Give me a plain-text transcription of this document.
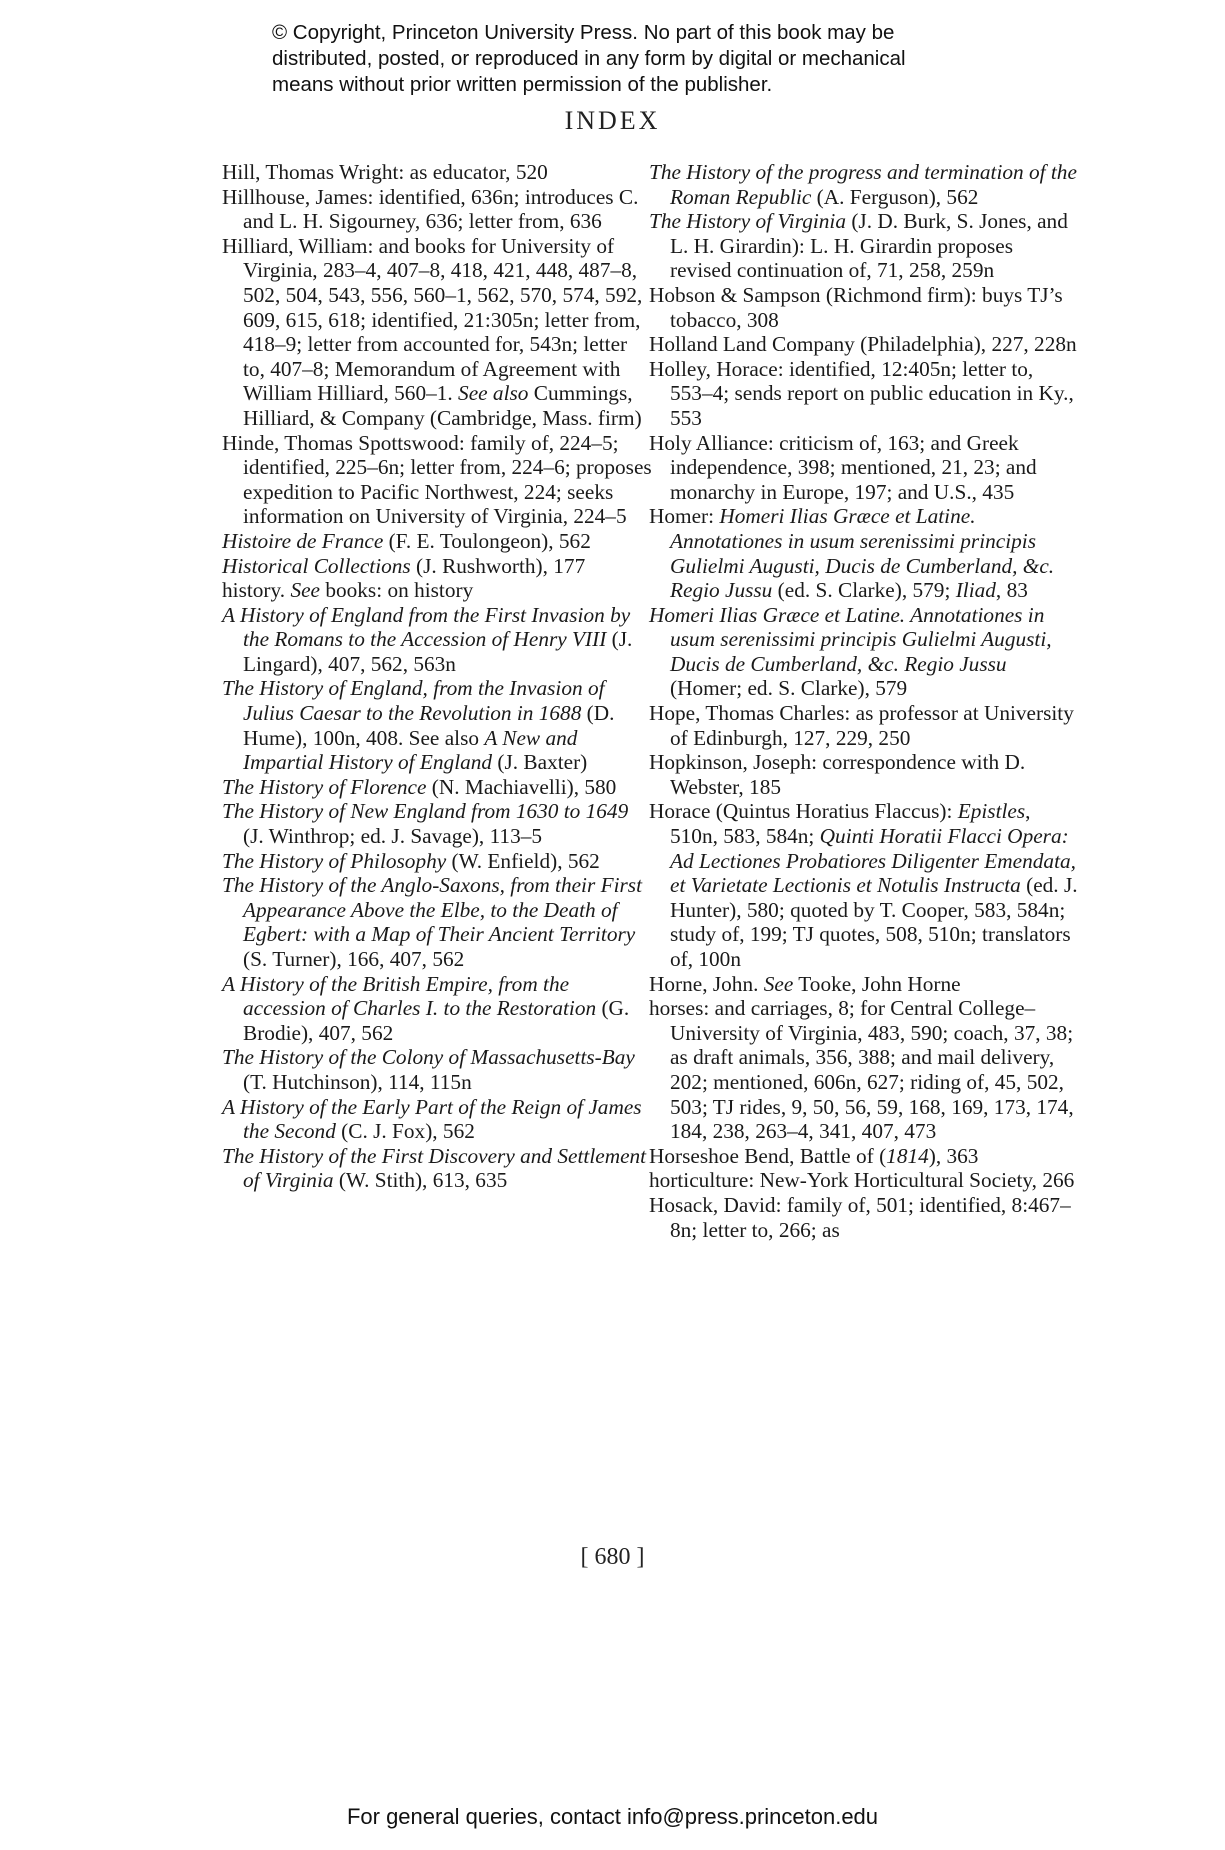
© Copyright, Princeton University Press. No part of this book may be
distributed, posted, or reproduced in any form by digital or mechanical
means without prior written permission of the publisher.
INDEX

Hill, Thomas Wright: as educator, 520

Hillhouse, James: identified, 636n; introduces C. and L. H. Sigourney, 636; letter from, 636

Hilliard, William: and books for University of Virginia, 283–4, 407–8, 418, 421, 448, 487–8, 502, 504, 543, 556, 560–1, 562, 570, 574, 592, 609, 615, 618; identified, 21:305n; letter from, 418–9; letter from accounted for, 543n; letter to, 407–8; Memorandum of Agreement with William Hilliard, 560–1. See also Cummings, Hilliard, & Company (Cambridge, Mass. firm)

Hinde, Thomas Spottswood: family of, 224–5; identified, 225–6n; letter from, 224–6; proposes expedition to Pacific Northwest, 224; seeks information on University of Virginia, 224–5

Histoire de France (F. E. Toulongeon), 562

Historical Collections (J. Rushworth), 177

history. See books: on history

A History of England from the First Invasion by the Romans to the Accession of Henry VIII (J. Lingard), 407, 562, 563n

The History of England, from the Invasion of Julius Caesar to the Revolution in 1688 (D. Hume), 100n, 408. See also A New and Impartial History of England (J. Baxter)

The History of Florence (N. Machiavelli), 580

The History of New England from 1630 to 1649 (J. Winthrop; ed. J. Savage), 113–5

The History of Philosophy (W. Enfield), 562

The History of the Anglo-Saxons, from their First Appearance Above the Elbe, to the Death of Egbert: with a Map of Their Ancient Territory (S. Turner), 166, 407, 562

A History of the British Empire, from the accession of Charles I. to the Restoration (G. Brodie), 407, 562

The History of the Colony of Massachusetts-Bay (T. Hutchinson), 114, 115n

A History of the Early Part of the Reign of James the Second (C. J. Fox), 562

The History of the First Discovery and Settlement of Virginia (W. Stith), 613, 635

The History of the progress and termination of the Roman Republic (A. Ferguson), 562

The History of Virginia (J. D. Burk, S. Jones, and L. H. Girardin): L. H. Girardin proposes revised continuation of, 71, 258, 259n

Hobson & Sampson (Richmond firm): buys TJ’s tobacco, 308

Holland Land Company (Philadelphia), 227, 228n

Holley, Horace: identified, 12:405n; letter to, 553–4; sends report on public education in Ky., 553

Holy Alliance: criticism of, 163; and Greek independence, 398; mentioned, 21, 23; and monarchy in Europe, 197; and U.S., 435

Homer: Homeri Ilias Græce et Latine. Annotationes in usum serenissimi principis Gulielmi Augusti, Ducis de Cumberland, &c. Regio Jussu (ed. S. Clarke), 579; Iliad, 83

Homeri Ilias Græce et Latine. Annotationes in usum serenissimi principis Gulielmi Augusti, Ducis de Cumberland, &c. Regio Jussu (Homer; ed. S. Clarke), 579

Hope, Thomas Charles: as professor at University of Edinburgh, 127, 229, 250

Hopkinson, Joseph: correspondence with D. Webster, 185

Horace (Quintus Horatius Flaccus): Epistles, 510n, 583, 584n; Quinti Horatii Flacci Opera: Ad Lectiones Probatiores Diligenter Emendata, et Varietate Lectionis et Notulis Instructa (ed. J. Hunter), 580; quoted by T. Cooper, 583, 584n; study of, 199; TJ quotes, 508, 510n; translators of, 100n

Horne, John. See Tooke, John Horne

horses: and carriages, 8; for Central College–University of Virginia, 483, 590; coach, 37, 38; as draft animals, 356, 388; and mail delivery, 202; mentioned, 606n, 627; riding of, 45, 502, 503; TJ rides, 9, 50, 56, 59, 168, 169, 173, 174, 184, 238, 263–4, 341, 407, 473

Horseshoe Bend, Battle of (1814), 363

horticulture: New-York Horticultural Society, 266

Hosack, David: family of, 501; identified, 8:467–8n; letter to, 266; as

[ 680 ]
For general queries, contact info@press.princeton.edu
